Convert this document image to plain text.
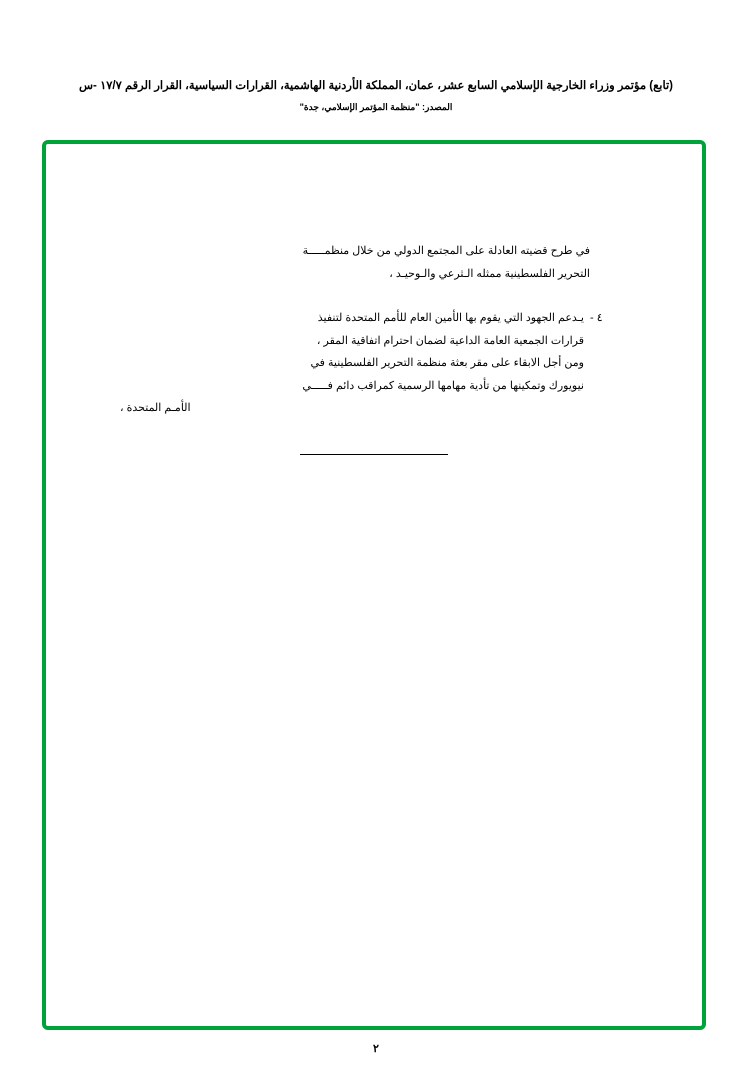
(تابع) مؤتمر وزراء الخارجية الإسلامي السابع عشر، عمان، المملكة الأردنية الهاشمية، القرارات السياسية، القرار الرقم ١٧/٧ -س
المصدر: "منظمة المؤتمر الإسلامي، جدة"
في طرح قضيته العادلة على المجتمع الدولي من خلال منظمـــــة
التحرير الفلسطينية ممثله الـثرعي والـوحيـد ،
٤ -
يـدعم الجهود التي يقوم بها الأمين العام للأمم المتحدة لتنفيذ
قرارات الجمعية العامة الداعية لضمان احترام اتفاقية المقر ،
ومن أجل الابقاء على مقر بعثة منظمة التحرير الفلسطينية في
نيويورك وتمكينها من تأدية مهامها الرسمية كمراقب دائم فـــــي
الأمـم المتحدة ،
٢
